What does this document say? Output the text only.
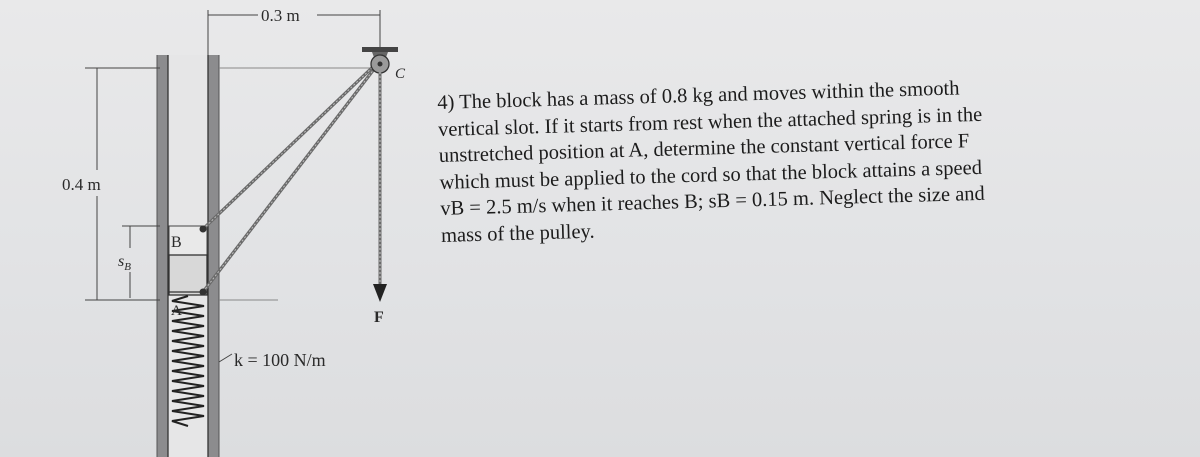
0.3 m
0.4 m
$s_B$
B
A
C
F
k = 100 N/m
4) The block has a mass of 0.8 kg and moves within the smooth
vertical slot. If it starts from rest when the attached spring is in the
unstretched position at A, determine the constant vertical force F
which must be applied to the cord so that the block attains a speed
vB = 2.5 m/s when it reaches B; sB = 0.15 m. Neglect the size and
mass of the pulley.
